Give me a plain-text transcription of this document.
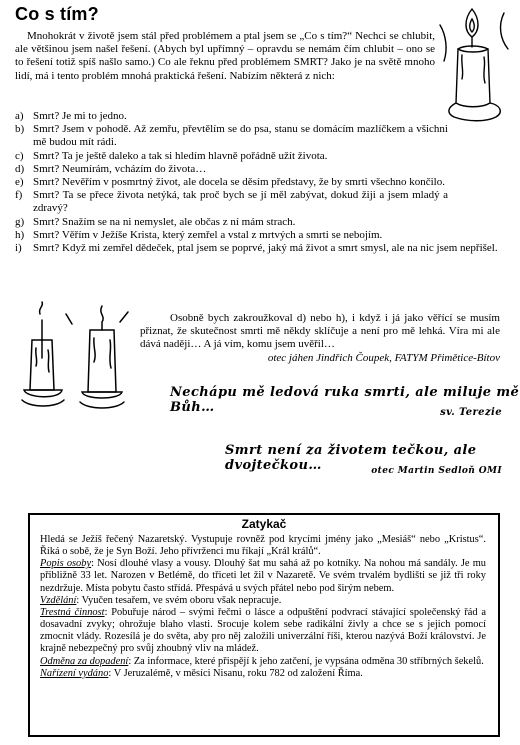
Co s tím?

Mnohokrát v životě jsem stál před problémem a ptal jsem se „Co s tím?“ Nechci se chlubit, ale většinou jsem našel řešení. (Abych byl upřímný – opravdu se nemám čím chlubit – ono se to řešení totiž spíš našlo samo.) Co ale řeknu před problémem SMRT? Jako je na světě mnoho lidí, má i tento problém mnohá praktická řešení. Nabízím některá z nich:

a) Smrt? Je mi to jedno.
b) Smrt? Jsem v pohodě. Až zemřu, převtělím se do psa, stanu se domácím mazlíčkem a všichni mě budou mít rádi.
c) Smrt? Ta je ještě daleko a tak si hledím hlavně pořádně užít života.
d) Smrt? Neumírám, vcházím do života…
e) Smrt? Nevěřím v posmrtný život, ale docela se děsím představy, že by smrti všechno končilo.
f) Smrt? Ta se přece života netýká, tak proč bych se jí měl zabývat, dokud žiji a jsem mladý a zdravý?
g) Smrt? Snažím se na ni nemyslet, ale občas z ní mám strach.
h) Smrt? Věřím v Ježíše Krista, který zemřel a vstal z mrtvých a smrti se nebojím.
i) Smrt? Když mi zemřel dědeček, ptal jsem se poprvé, jaký má život a smrt smysl, ale na nic jsem nepřišel.

Osobně bych zakroužkoval d) nebo h), i když i já jako věřící se musím přiznat, že skutečnost smrti mě někdy sklíčuje a není pro mě lehká. Víra mi ale dává naději… A já vím, komu jsem uvěřil…

otec jáhen Jindřich Čoupek, FATYM Přimětice-Bítov
Nechápu mě ledová ruka smrti, ale miluje mě Bůh…	sv. Terezie
Smrt není za životem tečkou, ale dvojtečkou…	otec Martin Sedloň OMI
Zatykač

Hledá se Ježíš řečený Nazaretský. Vystupuje rovněž pod krycími jmény jako „Mesiáš“ nebo „Kristus“. Říká o sobě, že je Syn Boží. Jeho přívrženci mu říkají „Král králů“.

Popis osoby: Nosí dlouhé vlasy a vousy. Dlouhý šat mu sahá až po kotníky. Na nohou má sandály. Je mu přibližně 33 let. Narozen v Betlémě, do třiceti let žil v Nazaretě. Ve svém trvalém bydlišti se již tři roky nezdržuje. Místa pobytu často střídá. Přespává u svých přátel nebo pod širým nebem.

Vzdělání: Vyučen tesařem, ve svém oboru však nepracuje.

Trestná činnost: Pobuřuje národ – svými řečmi o lásce a odpuštění podvrací stávající společenský řád a dosavadní zvyky; ohrožuje blaho vlasti. Srocuje kolem sebe radikální živly a chce se s jejich pomocí zmocnit vlády. Rozesílá je do světa, aby pro něj založili univerzální říši, kterou nazývá Boží království. Je krajně nebezpečný pro svůj zhoubný vliv na mládež.

Odměna za dopadení: Za informace, které přispějí k jeho zatčení, je vypsána odměna 30 stříbrných šekelů.

Nařízení vydáno: V Jeruzalémě, v měsíci Nisanu, roku 782 od založení Říma.
